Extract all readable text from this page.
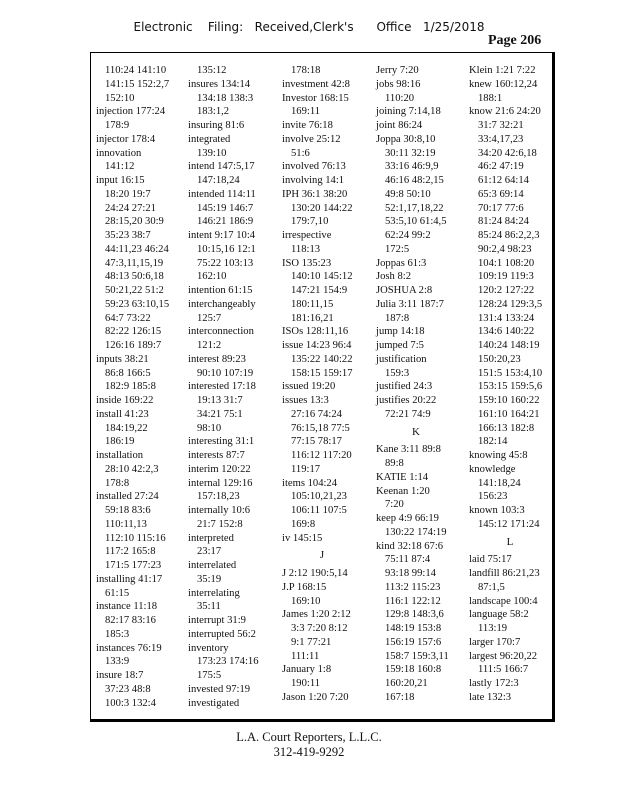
Electronic    Filing:   Received,Clerk's      Office   1/25/2018
Page 206
110:24 141:10
141:15 152:2,7
152:10
injection 177:24
178:9
injector 178:4
innovation
141:12
input 16:15
18:20 19:7
24:24 27:21
28:15,20 30:9
35:23 38:7
44:11,23 46:24
47:3,11,15,19
48:13 50:6,18
50:21,22 51:2
59:23 63:10,15
64:7 73:22
82:22 126:15
126:16 189:7
inputs 38:21
86:8 166:5
182:9 185:8
inside 169:22
install 41:23
184:19,22
186:19
installation
28:10 42:2,3
178:8
installed 27:24
59:18 83:6
110:11,13
112:10 115:16
117:2 165:8
171:5 177:23
installing 41:17
61:15
instance 11:18
82:17 83:16
185:3
instances 76:19
133:9
insure 18:7
37:23 48:8
100:3 132:4
135:12
insures 134:14
134:18 138:3
183:1,2
insuring 81:6
integrated
139:10
intend 147:5,17
147:18,24
intended 114:11
145:19 146:7
146:21 186:9
intent 9:17 10:4
10:15,16 12:1
75:22 103:13
162:10
intention 61:15
interchangeably
125:7
interconnection
121:2
interest 89:23
90:10 107:19
interested 17:18
19:13 31:7
34:21 75:1
98:10
interesting 31:1
interests 87:7
interim 120:22
internal 129:16
157:18,23
internally 10:6
21:7 152:8
interpreted
23:17
interrelated
35:19
interrelating
35:11
interrupt 31:9
interrupted 56:2
inventory
173:23 174:16
175:5
invested 97:19
investigated
178:18
investment 42:8
Investor 168:15
169:11
invite 76:18
involve 25:12
51:6
involved 76:13
involving 14:1
IPH 36:1 38:20
130:20 144:22
179:7,10
irrespective
118:13
ISO 135:23
140:10 145:12
147:21 154:9
180:11,15
181:16,21
ISOs 128:11,16
issue 14:23 96:4
135:22 140:22
158:15 159:17
issued 19:20
issues 13:3
27:16 74:24
76:15,18 77:5
77:15 78:17
116:12 117:20
119:17
items 104:24
105:10,21,23
106:11 107:5
169:8
iv 145:15
J
J 2:12 190:5,14
J.P 168:15
169:10
James 1:20 2:12
3:3 7:20 8:12
9:1 77:21
111:11
January 1:8
190:11
Jason 1:20 7:20
Jerry 7:20
jobs 98:16
110:20
joining 7:14,18
joint 86:24
Joppa 30:8,10
30:11 32:19
33:16 46:9,9
46:16 48:2,15
49:8 50:10
52:1,17,18,22
53:5,10 61:4,5
62:24 99:2
172:5
Joppas 61:3
Josh 8:2
JOSHUA 2:8
Julia 3:11 187:7
187:8
jump 14:18
jumped 7:5
justification
159:3
justified 24:3
justifies 20:22
72:21 74:9
K
Kane 3:11 89:8
89:8
KATIE 1:14
Keenan 1:20
7:20
keep 4:9 66:19
130:22 174:19
kind 32:18 67:6
75:11 87:4
93:18 99:14
113:2 115:23
116:1 122:12
129:8 148:3,6
148:19 153:8
156:19 157:6
158:7 159:3,11
159:18 160:8
160:20,21
167:18
Klein 1:21 7:22
knew 160:12,24
188:1
know 21:6 24:20
31:7 32:21
33:4,17,23
34:20 42:6,18
46:2 47:19
61:12 64:14
65:3 69:14
70:17 77:6
81:24 84:24
85:24 86:2,2,3
90:2,4 98:23
104:1 108:20
109:19 119:3
120:2 127:22
128:24 129:3,5
131:4 133:24
134:6 140:22
140:24 148:19
150:20,23
151:5 153:4,10
153:15 159:5,6
159:10 160:22
161:10 164:21
166:13 182:8
182:14
knowing 45:8
knowledge
141:18,24
156:23
known 103:3
145:12 171:24
L
laid 75:17
landfill 86:21,23
87:1,5
landscape 100:4
language 58:2
113:19
larger 170:7
largest 96:20,22
111:5 166:7
lastly 172:3
late 132:3
L.A. Court Reporters, L.L.C.
312-419-9292
